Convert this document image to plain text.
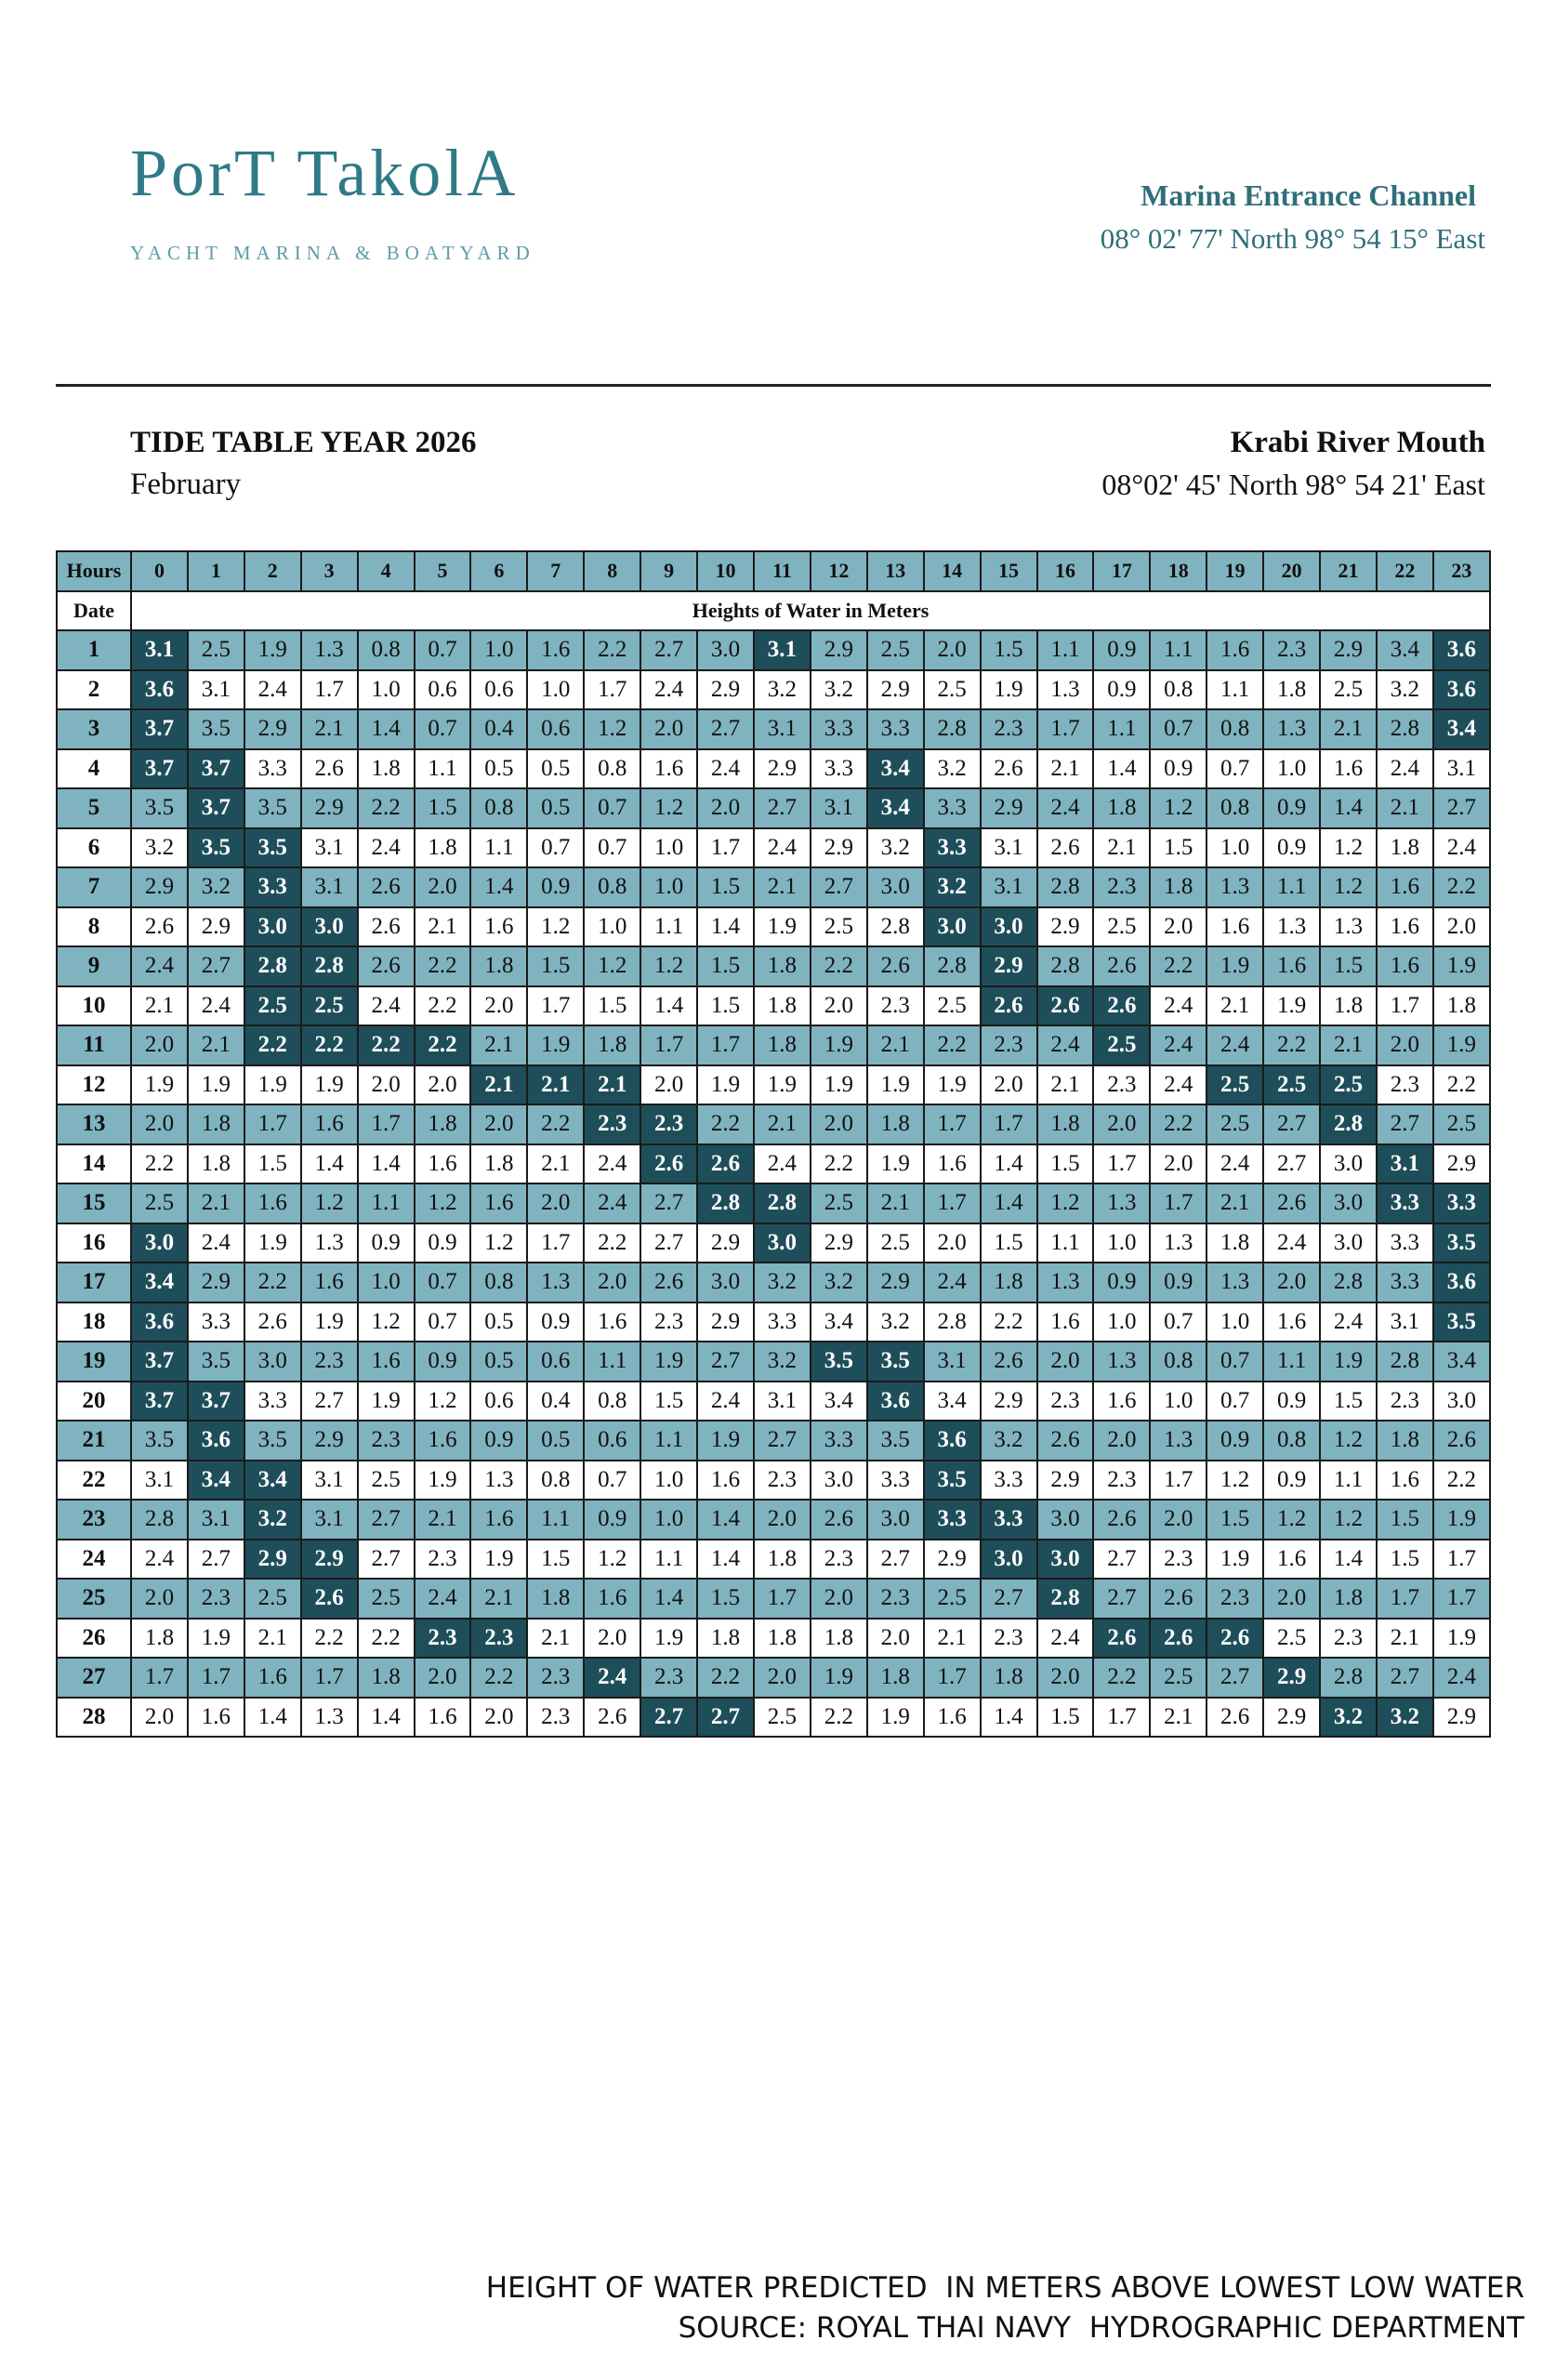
PorT TakolA
YACHT MARINA & BOATYARD
Marina Entrance Channel
08° 02' 77' North 98° 54 15° East
TIDE TABLE YEAR 2026
February
Krabi River Mouth
08°02' 45' North 98° 54 21' East
Hours	0	1	2	3	4	5	6	7	8	9	10	11	12	13	14	15	16	17	18	19	20	21	22	23
Date	Heights of Water in Meters																							
1	3.1	2.5	1.9	1.3	0.8	0.7	1.0	1.6	2.2	2.7	3.0	3.1	2.9	2.5	2.0	1.5	1.1	0.9	1.1	1.6	2.3	2.9	3.4	3.6
2	3.6	3.1	2.4	1.7	1.0	0.6	0.6	1.0	1.7	2.4	2.9	3.2	3.2	2.9	2.5	1.9	1.3	0.9	0.8	1.1	1.8	2.5	3.2	3.6
3	3.7	3.5	2.9	2.1	1.4	0.7	0.4	0.6	1.2	2.0	2.7	3.1	3.3	3.3	2.8	2.3	1.7	1.1	0.7	0.8	1.3	2.1	2.8	3.4
4	3.7	3.7	3.3	2.6	1.8	1.1	0.5	0.5	0.8	1.6	2.4	2.9	3.3	3.4	3.2	2.6	2.1	1.4	0.9	0.7	1.0	1.6	2.4	3.1
5	3.5	3.7	3.5	2.9	2.2	1.5	0.8	0.5	0.7	1.2	2.0	2.7	3.1	3.4	3.3	2.9	2.4	1.8	1.2	0.8	0.9	1.4	2.1	2.7
6	3.2	3.5	3.5	3.1	2.4	1.8	1.1	0.7	0.7	1.0	1.7	2.4	2.9	3.2	3.3	3.1	2.6	2.1	1.5	1.0	0.9	1.2	1.8	2.4
7	2.9	3.2	3.3	3.1	2.6	2.0	1.4	0.9	0.8	1.0	1.5	2.1	2.7	3.0	3.2	3.1	2.8	2.3	1.8	1.3	1.1	1.2	1.6	2.2
8	2.6	2.9	3.0	3.0	2.6	2.1	1.6	1.2	1.0	1.1	1.4	1.9	2.5	2.8	3.0	3.0	2.9	2.5	2.0	1.6	1.3	1.3	1.6	2.0
9	2.4	2.7	2.8	2.8	2.6	2.2	1.8	1.5	1.2	1.2	1.5	1.8	2.2	2.6	2.8	2.9	2.8	2.6	2.2	1.9	1.6	1.5	1.6	1.9
10	2.1	2.4	2.5	2.5	2.4	2.2	2.0	1.7	1.5	1.4	1.5	1.8	2.0	2.3	2.5	2.6	2.6	2.6	2.4	2.1	1.9	1.8	1.7	1.8
11	2.0	2.1	2.2	2.2	2.2	2.2	2.1	1.9	1.8	1.7	1.7	1.8	1.9	2.1	2.2	2.3	2.4	2.5	2.4	2.4	2.2	2.1	2.0	1.9
12	1.9	1.9	1.9	1.9	2.0	2.0	2.1	2.1	2.1	2.0	1.9	1.9	1.9	1.9	1.9	2.0	2.1	2.3	2.4	2.5	2.5	2.5	2.3	2.2
13	2.0	1.8	1.7	1.6	1.7	1.8	2.0	2.2	2.3	2.3	2.2	2.1	2.0	1.8	1.7	1.7	1.8	2.0	2.2	2.5	2.7	2.8	2.7	2.5
14	2.2	1.8	1.5	1.4	1.4	1.6	1.8	2.1	2.4	2.6	2.6	2.4	2.2	1.9	1.6	1.4	1.5	1.7	2.0	2.4	2.7	3.0	3.1	2.9
15	2.5	2.1	1.6	1.2	1.1	1.2	1.6	2.0	2.4	2.7	2.8	2.8	2.5	2.1	1.7	1.4	1.2	1.3	1.7	2.1	2.6	3.0	3.3	3.3
16	3.0	2.4	1.9	1.3	0.9	0.9	1.2	1.7	2.2	2.7	2.9	3.0	2.9	2.5	2.0	1.5	1.1	1.0	1.3	1.8	2.4	3.0	3.3	3.5
17	3.4	2.9	2.2	1.6	1.0	0.7	0.8	1.3	2.0	2.6	3.0	3.2	3.2	2.9	2.4	1.8	1.3	0.9	0.9	1.3	2.0	2.8	3.3	3.6
18	3.6	3.3	2.6	1.9	1.2	0.7	0.5	0.9	1.6	2.3	2.9	3.3	3.4	3.2	2.8	2.2	1.6	1.0	0.7	1.0	1.6	2.4	3.1	3.5
19	3.7	3.5	3.0	2.3	1.6	0.9	0.5	0.6	1.1	1.9	2.7	3.2	3.5	3.5	3.1	2.6	2.0	1.3	0.8	0.7	1.1	1.9	2.8	3.4
20	3.7	3.7	3.3	2.7	1.9	1.2	0.6	0.4	0.8	1.5	2.4	3.1	3.4	3.6	3.4	2.9	2.3	1.6	1.0	0.7	0.9	1.5	2.3	3.0
21	3.5	3.6	3.5	2.9	2.3	1.6	0.9	0.5	0.6	1.1	1.9	2.7	3.3	3.5	3.6	3.2	2.6	2.0	1.3	0.9	0.8	1.2	1.8	2.6
22	3.1	3.4	3.4	3.1	2.5	1.9	1.3	0.8	0.7	1.0	1.6	2.3	3.0	3.3	3.5	3.3	2.9	2.3	1.7	1.2	0.9	1.1	1.6	2.2
23	2.8	3.1	3.2	3.1	2.7	2.1	1.6	1.1	0.9	1.0	1.4	2.0	2.6	3.0	3.3	3.3	3.0	2.6	2.0	1.5	1.2	1.2	1.5	1.9
24	2.4	2.7	2.9	2.9	2.7	2.3	1.9	1.5	1.2	1.1	1.4	1.8	2.3	2.7	2.9	3.0	3.0	2.7	2.3	1.9	1.6	1.4	1.5	1.7
25	2.0	2.3	2.5	2.6	2.5	2.4	2.1	1.8	1.6	1.4	1.5	1.7	2.0	2.3	2.5	2.7	2.8	2.7	2.6	2.3	2.0	1.8	1.7	1.7
26	1.8	1.9	2.1	2.2	2.2	2.3	2.3	2.1	2.0	1.9	1.8	1.8	1.8	2.0	2.1	2.3	2.4	2.6	2.6	2.6	2.5	2.3	2.1	1.9
27	1.7	1.7	1.6	1.7	1.8	2.0	2.2	2.3	2.4	2.3	2.2	2.0	1.9	1.8	1.7	1.8	2.0	2.2	2.5	2.7	2.9	2.8	2.7	2.4
28	2.0	1.6	1.4	1.3	1.4	1.6	2.0	2.3	2.6	2.7	2.7	2.5	2.2	1.9	1.6	1.4	1.5	1.7	2.1	2.6	2.9	3.2	3.2	2.9
HEIGHT OF WATER PREDICTED  IN METERS ABOVE LOWEST LOW WATER
SOURCE: ROYAL THAI NAVY  HYDROGRAPHIC DEPARTMENT
